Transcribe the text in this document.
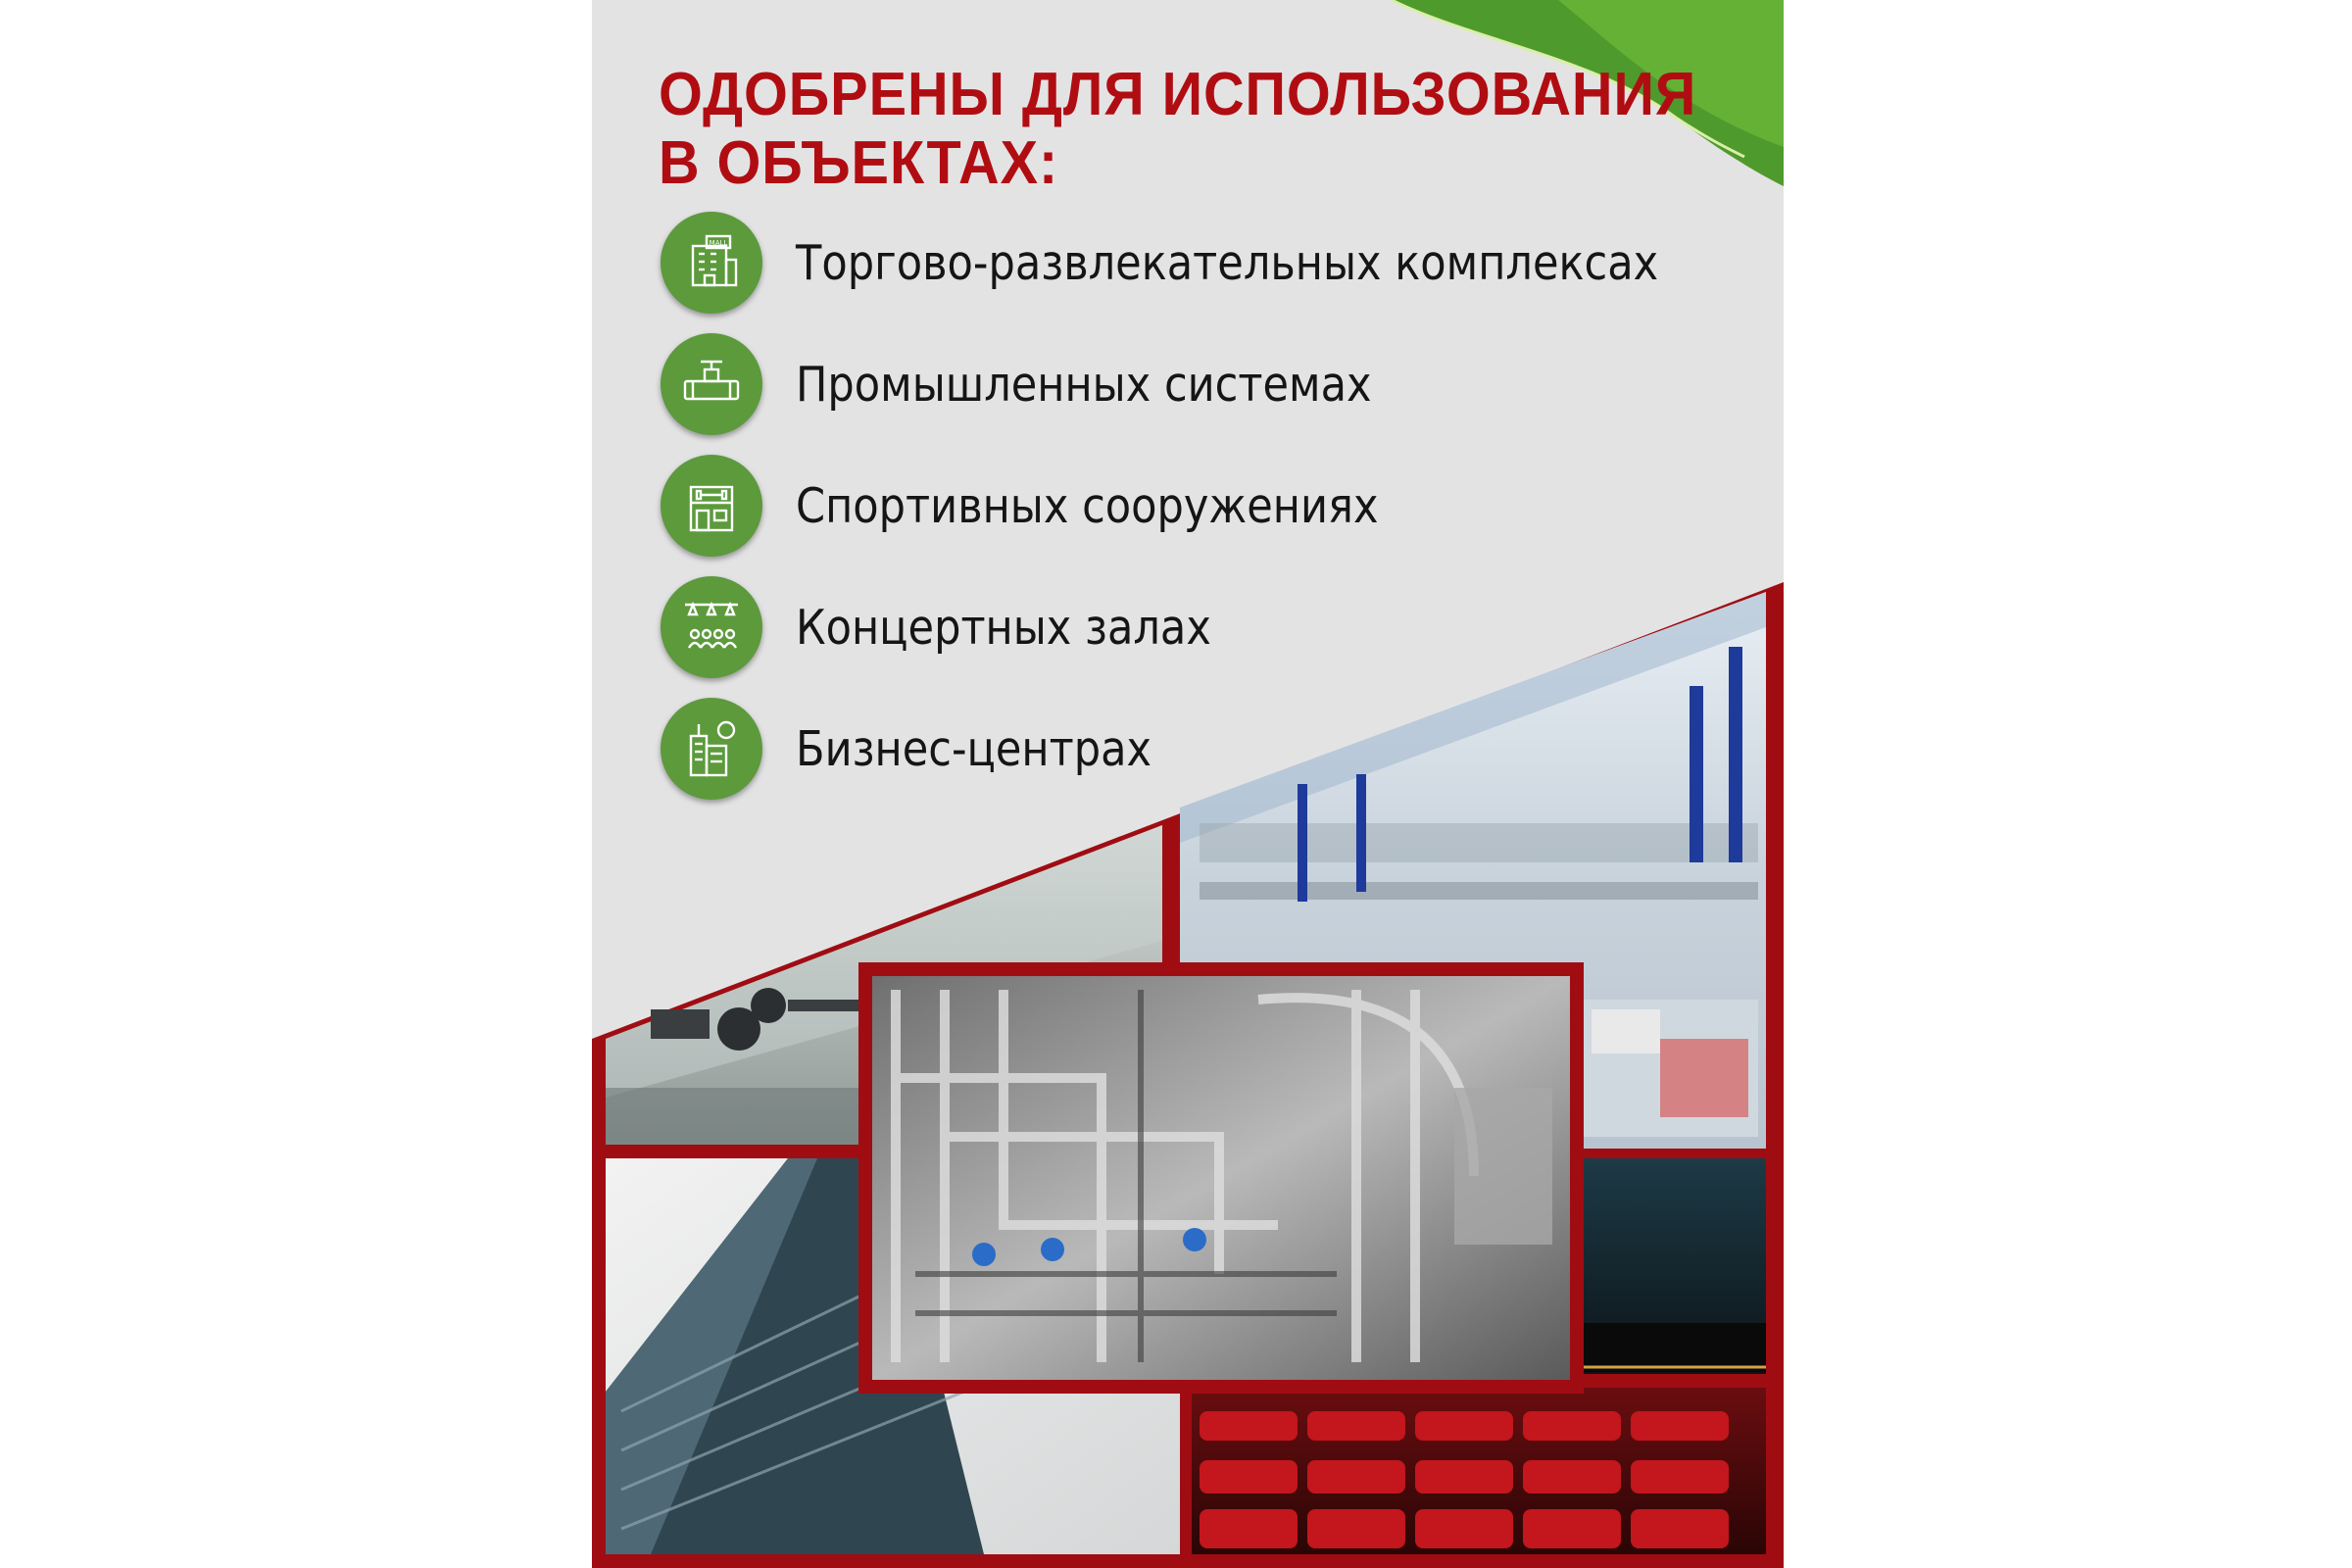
ОДОБРЕНЫ ДЛЯ ИСПОЛЬЗОВАНИЯ
В ОБЪЕКТАХ:
MALL Торгово-развлекательных комплексах
Промышленных системах
Спортивных сооружениях
Концертных залах
Бизнес-центрах
